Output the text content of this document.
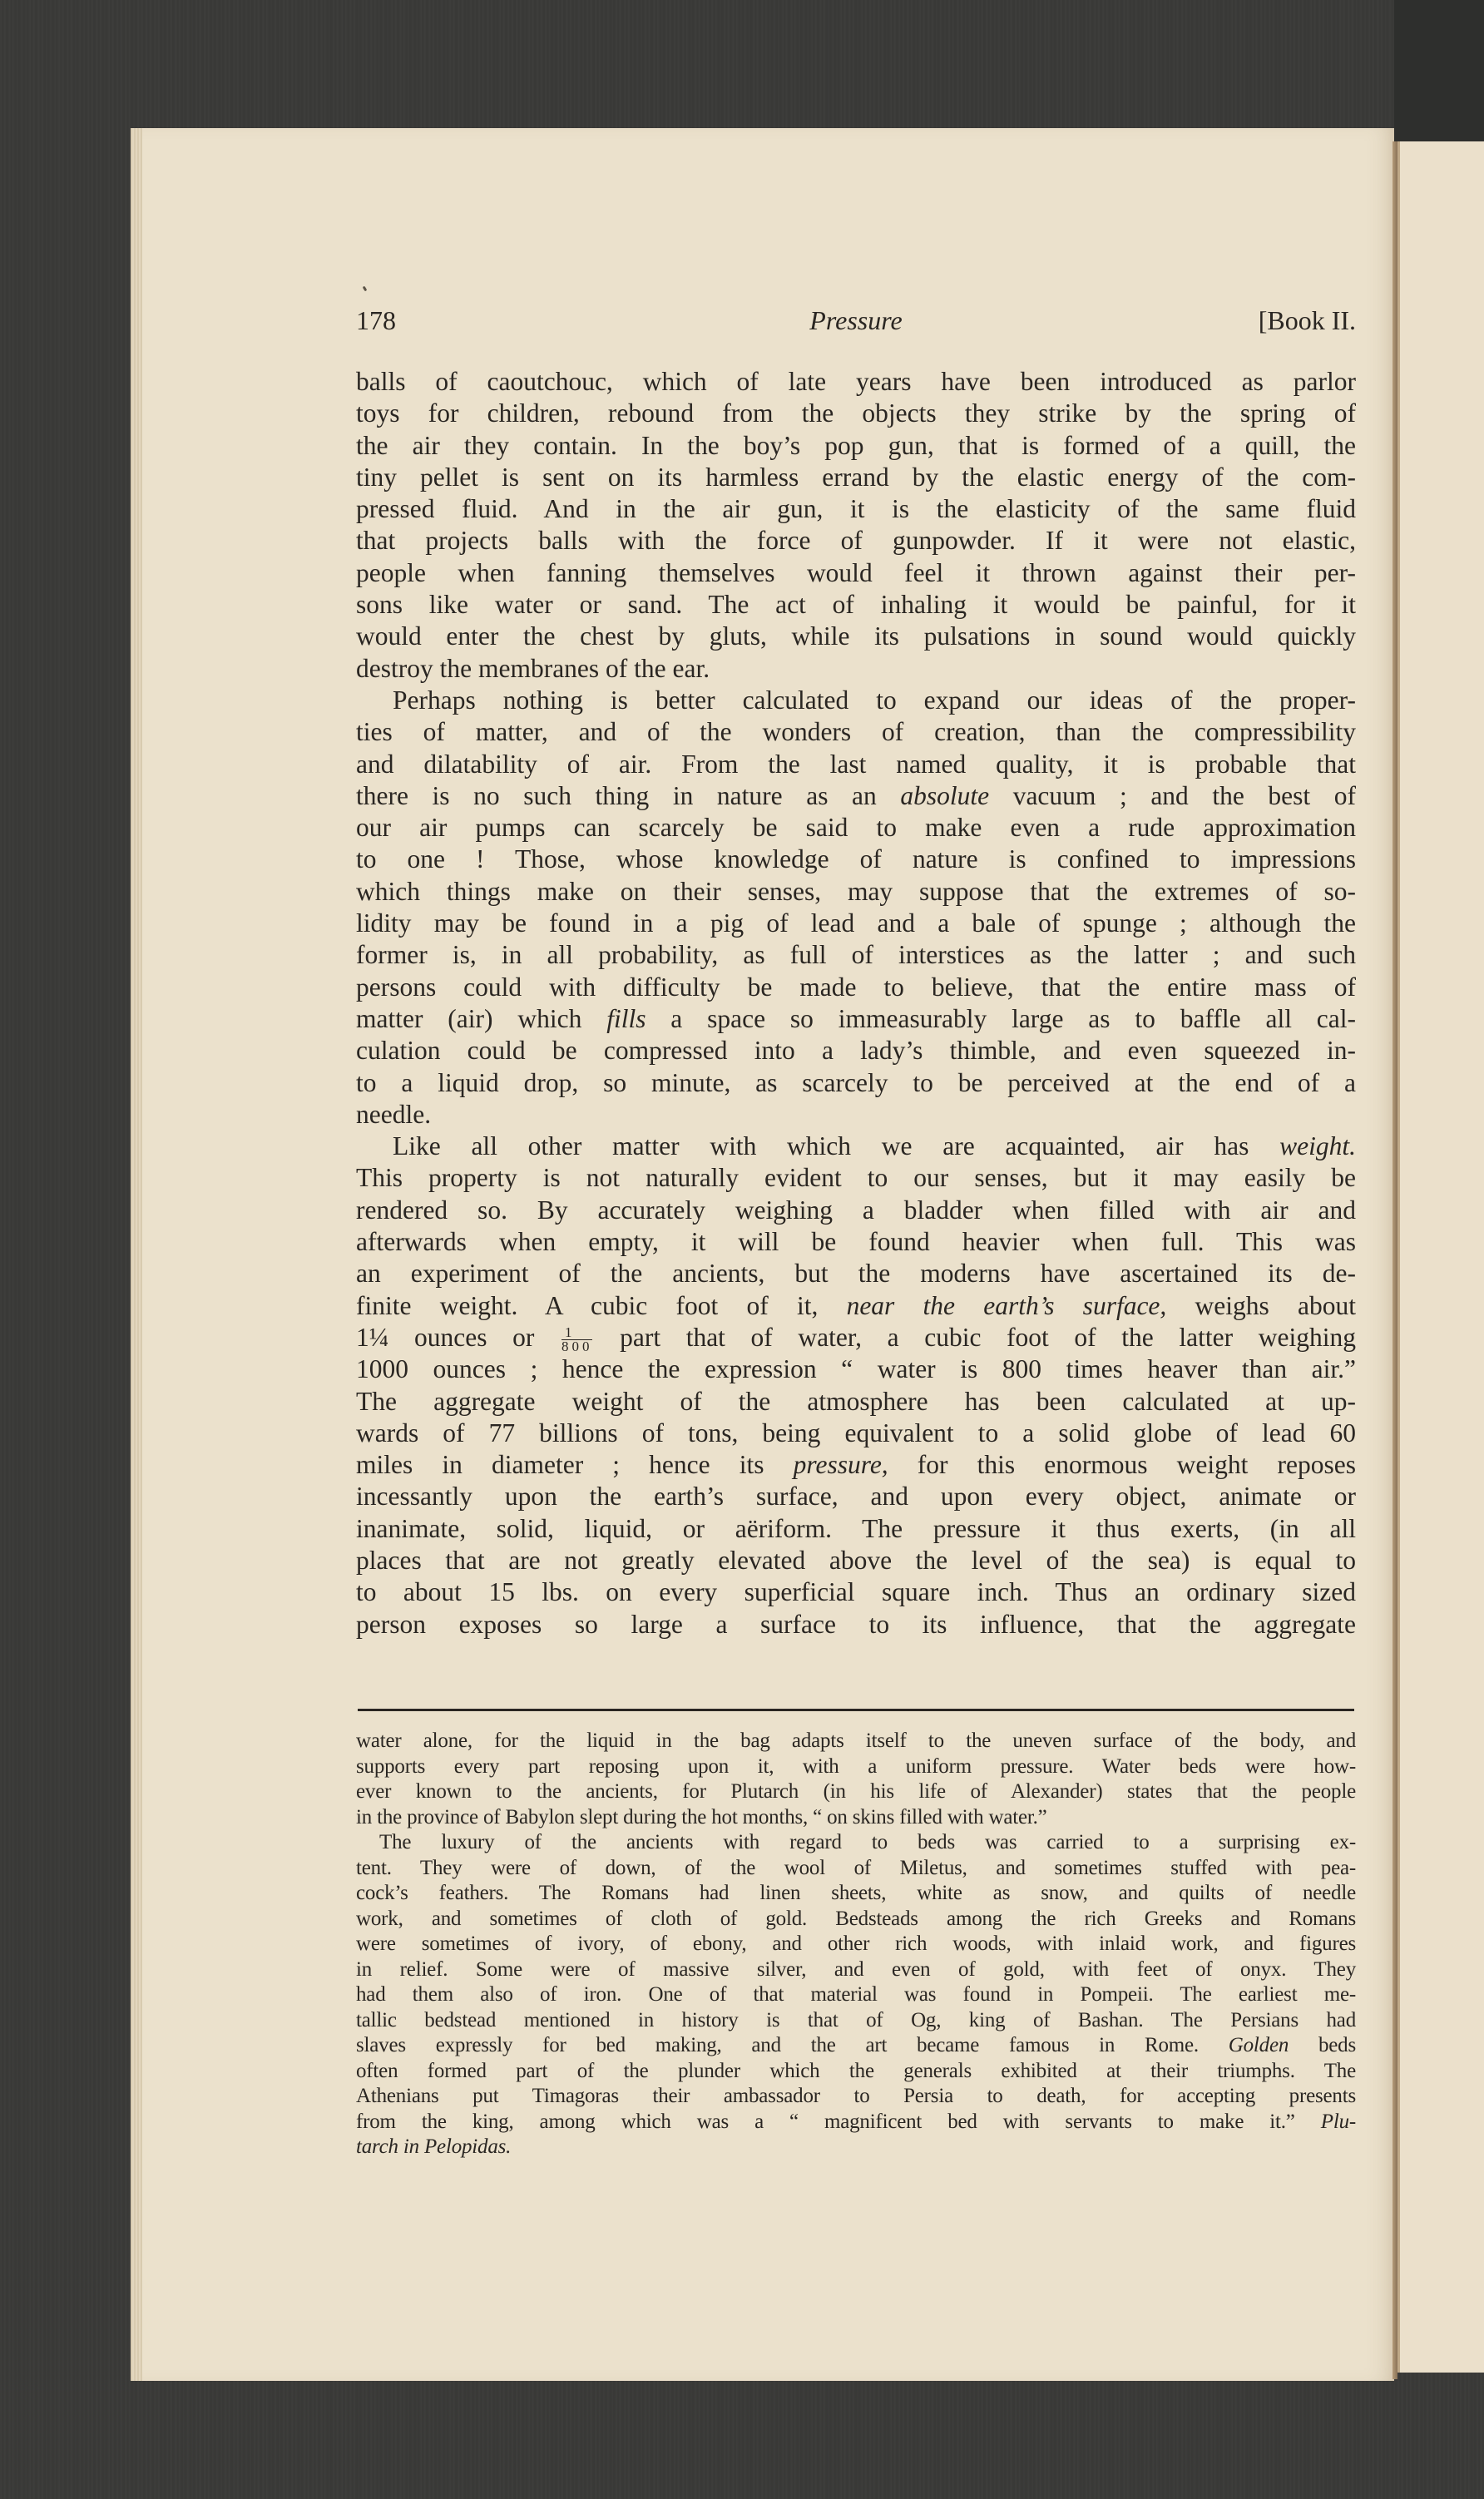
178	Pressure	[Book II.
balls of caoutchouc, which of late years have been introduced as parlor
toys for children, rebound from the objects they strike by the spring of
the air they contain. In the boy’s pop gun, that is formed of a quill, the
tiny pellet is sent on its harmless errand by the elastic energy of the com-
pressed fluid. And in the air gun, it is the elasticity of the same fluid
that projects balls with the force of gunpowder. If it were not elastic,
people when fanning themselves would feel it thrown against their per-
sons like water or sand. The act of inhaling it would be painful, for it
would enter the chest by gluts, while its pulsations in sound would quickly
destroy the membranes of the ear.
Perhaps nothing is better calculated to expand our ideas of the proper-
ties of matter, and of the wonders of creation, than the compressibility
and dilatability of air. From the last named quality, it is probable that
there is no such thing in nature as an absolute vacuum ; and the best of
our air pumps can scarcely be said to make even a rude approximation
to one ! Those, whose knowledge of nature is confined to impressions
which things make on their senses, may suppose that the extremes of so-
lidity may be found in a pig of lead and a bale of spunge ; although the
former is, in all probability, as full of interstices as the latter ; and such
persons could with difficulty be made to believe, that the entire mass of
matter (air) which fills a space so immeasurably large as to baffle all cal-
culation could be compressed into a lady’s thimble, and even squeezed in-
to a liquid drop, so minute, as scarcely to be perceived at the end of a
needle.
Like all other matter with which we are acquainted, air has weight.
This property is not naturally evident to our senses, but it may easily be
rendered so. By accurately weighing a bladder when filled with air and
afterwards when empty, it will be found heavier when full. This was
an experiment of the ancients, but the moderns have ascertained its de-
finite weight. A cubic foot of it, near the earth’s surface, weighs about
1¼ ounces or $\frac{1}{800}$ part that of water, a cubic foot of the latter weighing
1000 ounces ; hence the expression “ water is 800 times heaver than air.”
The aggregate weight of the atmosphere has been calculated at up-
wards of 77 billions of tons, being equivalent to a solid globe of lead 60
miles in diameter ; hence its pressure, for this enormous weight reposes
incessantly upon the earth’s surface, and upon every object, animate or
inanimate, solid, liquid, or aëriform. The pressure it thus exerts, (in all
places that are not greatly elevated above the level of the sea) is equal to
to about 15 lbs. on every superficial square inch. Thus an ordinary sized
person exposes so large a surface to its influence, that the aggregate
water alone, for the liquid in the bag adapts itself to the uneven surface of the body, and
supports every part reposing upon it, with a uniform pressure. Water beds were how-
ever known to the ancients, for Plutarch (in his life of Alexander) states that the people
in the province of Babylon slept during the hot months, “ on skins filled with water.”
The luxury of the ancients with regard to beds was carried to a surprising ex-
tent. They were of down, of the wool of Miletus, and sometimes stuffed with pea-
cock’s feathers. The Romans had linen sheets, white as snow, and quilts of needle
work, and sometimes of cloth of gold. Bedsteads among the rich Greeks and Romans
were sometimes of ivory, of ebony, and other rich woods, with inlaid work, and figures
in relief. Some were of massive silver, and even of gold, with feet of onyx. They
had them also of iron. One of that material was found in Pompeii. The earliest me-
tallic bedstead mentioned in history is that of Og, king of Bashan. The Persians had
slaves expressly for bed making, and the art became famous in Rome. Golden beds
often formed part of the plunder which the generals exhibited at their triumphs. The
Athenians put Timagoras their ambassador to Persia to death, for accepting presents
from the king, among which was a “ magnificent bed with servants to make it.” Plu-
tarch in Pelopidas.
